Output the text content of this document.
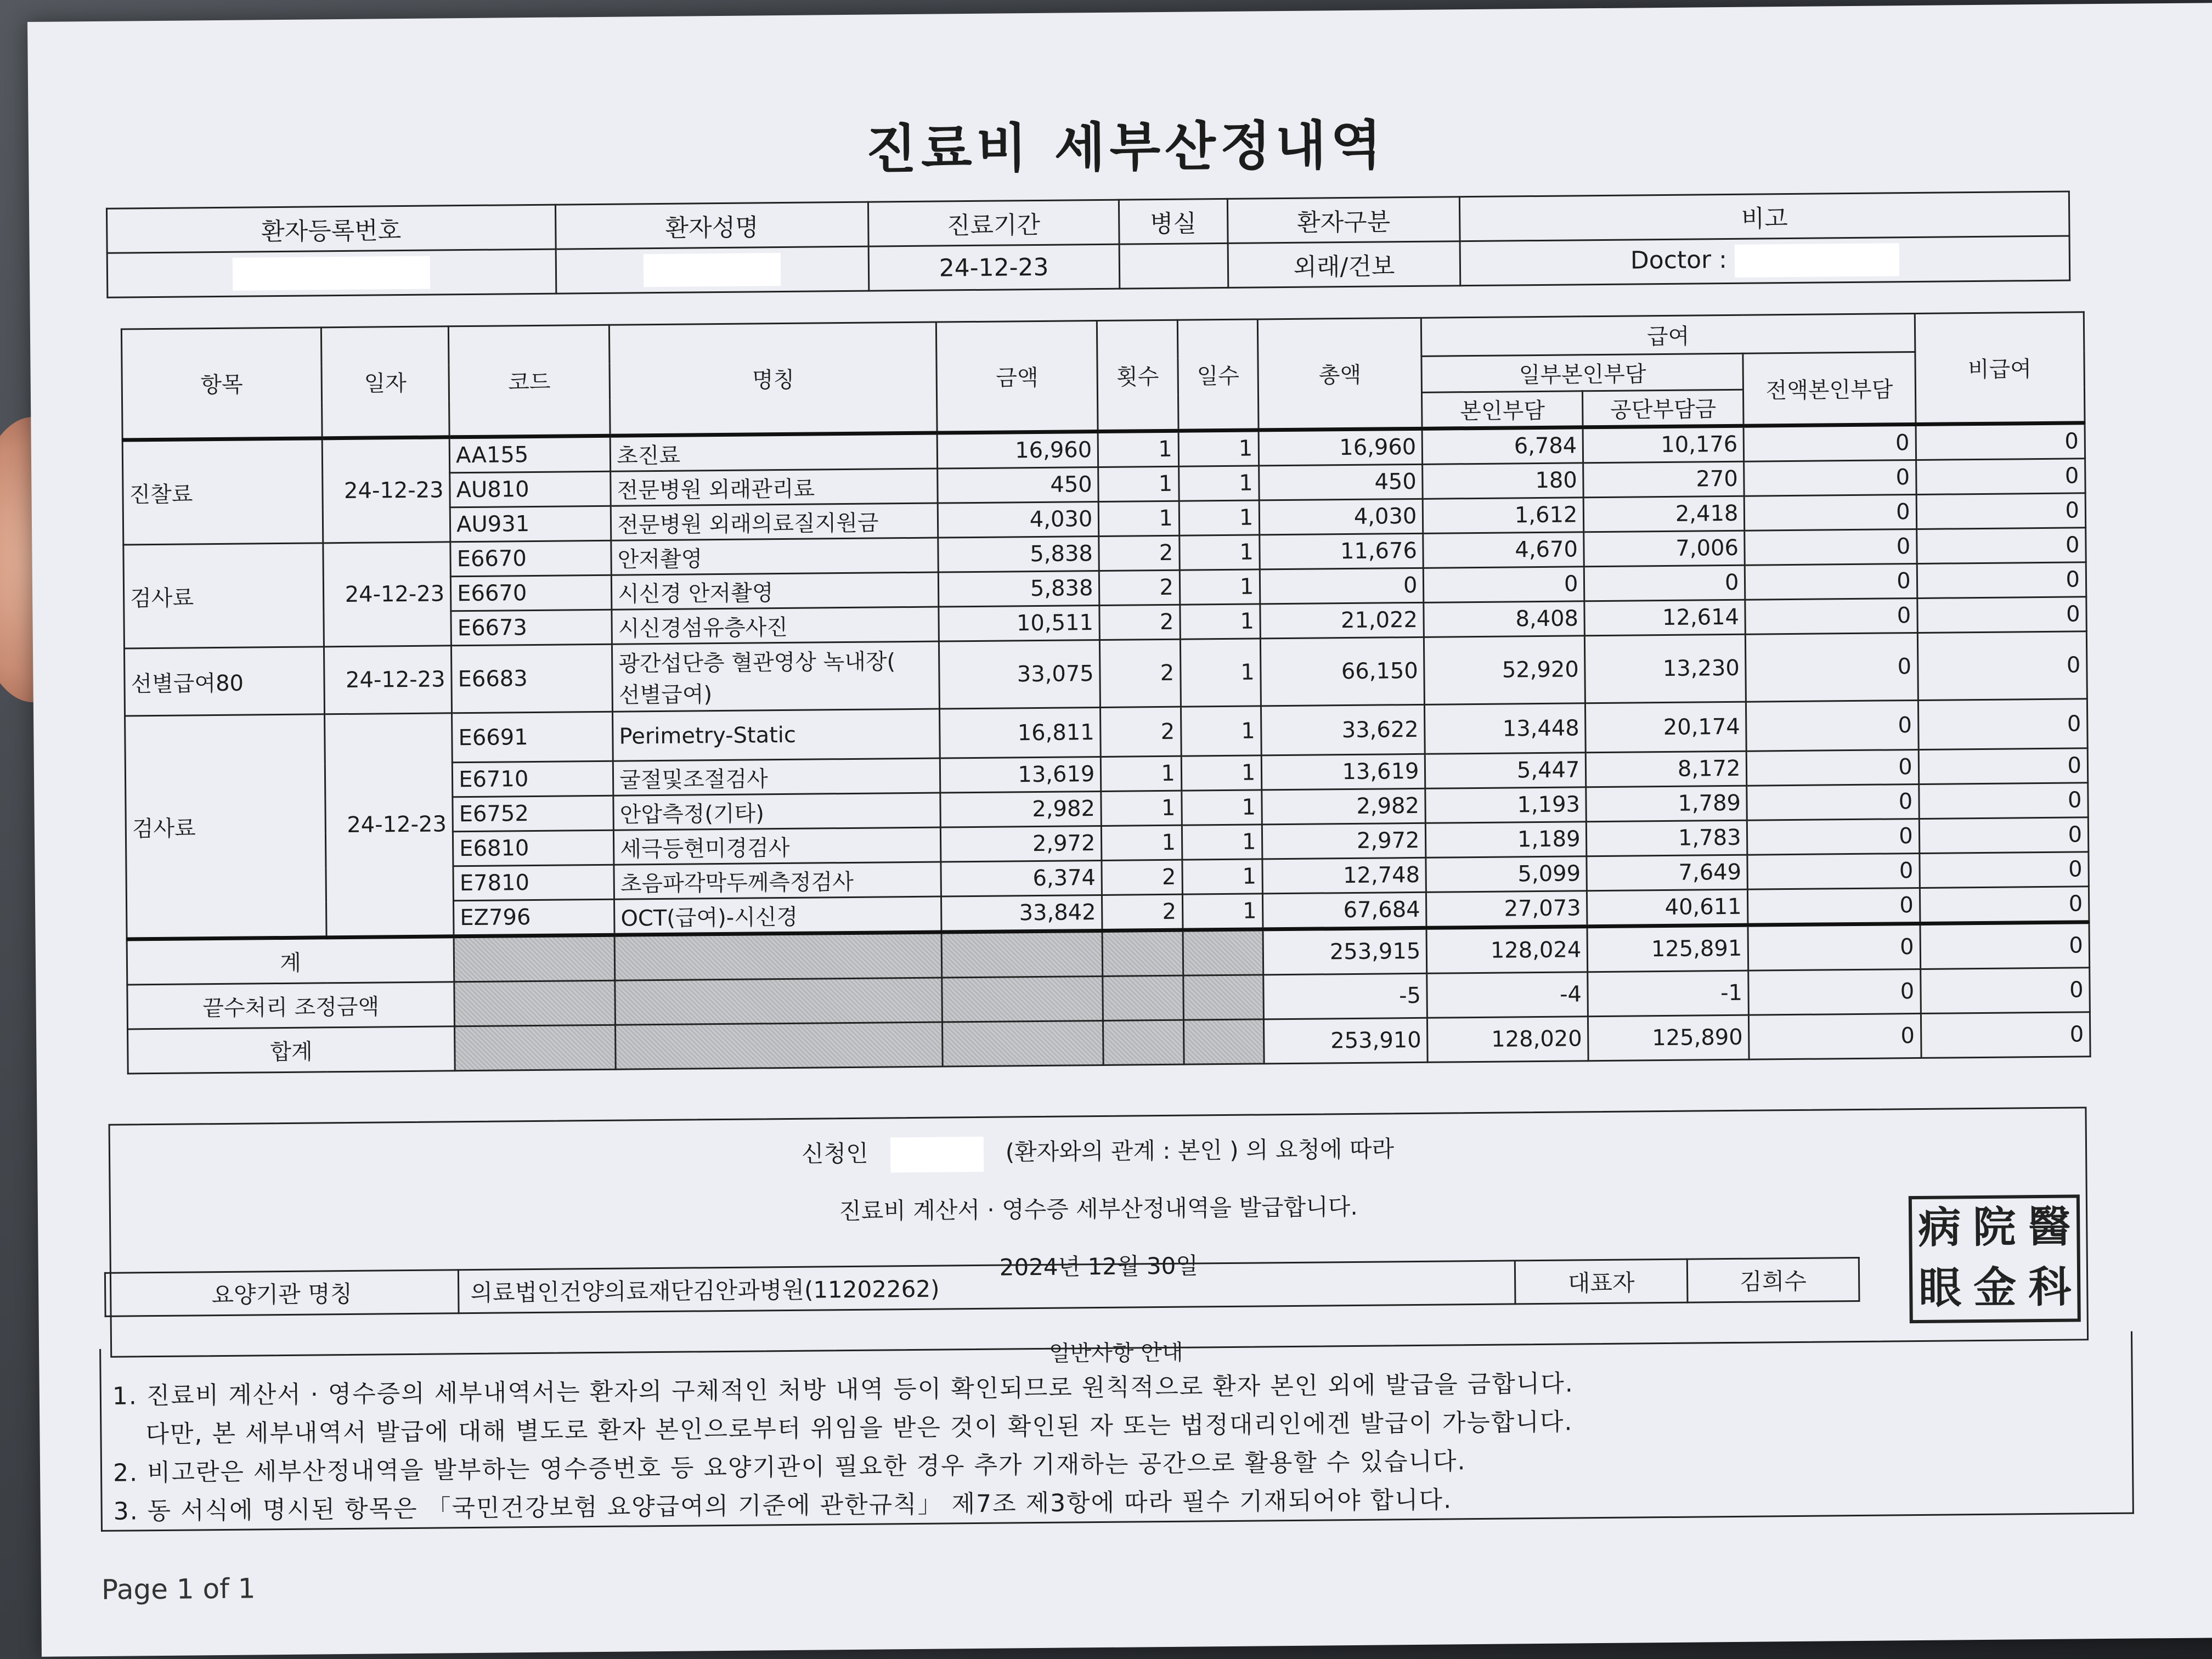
진료비 세부산정내역
환자등록번호	환자성명	진료기간	병실	환자구분	비고
		24-12-23		외래/건보	Doctor :
항목	일자	코드	명칭	금액	횟수	일수	총액	급여			비급여
								일부본인부담		전액본인부담	
								본인부담	공단부담금		
진찰료	24-12-23	AA155	초진료	16,960	1	1	16,960	6,784	10,176	0	0
		AU810	전문병원 외래관리료	450	1	1	450	180	270	0	0
		AU931	전문병원 외래의료질지원금	4,030	1	1	4,030	1,612	2,418	0	0
검사료	24-12-23	E6670	안저촬영	5,838	2	1	11,676	4,670	7,006	0	0
		E6670	시신경 안저촬영	5,838	2	1	0	0	0	0	0
		E6673	시신경섬유층사진	10,511	2	1	21,022	8,408	12,614	0	0
선별급여80	24-12-23	E6683	광간섭단층 혈관영상 녹내장(
선별급여)	33,075	2	1	66,150	52,920	13,230	0	0
검사료	24-12-23	E6691	Perimetry-Static	16,811	2	1	33,622	13,448	20,174	0	0
		E6710	굴절및조절검사	13,619	1	1	13,619	5,447	8,172	0	0
		E6752	안압측정(기타)	2,982	1	1	2,982	1,193	1,789	0	0
		E6810	세극등현미경검사	2,972	1	1	2,972	1,189	1,783	0	0
		E7810	초음파각막두께측정검사	6,374	2	1	12,748	5,099	7,649	0	0
		EZ796	OCT(급여)-시신경	33,842	2	1	67,684	27,073	40,611	0	0
계							253,915	128,024	125,891	0	0
끝수처리 조정금액							-5	-4	-1	0	0
합계							253,910	128,020	125,890	0	0
신청인	(환자와의 관계 : 본인 ) 의 요청에 따라
진료비 계산서 · 영수증 세부산정내역을 발급합니다.
2024년 12월 30일
요양기관 명칭	의료법인건양의료재단김안과병원(11202262)	대표자	김희수
病 院 醫
眼 金 科
일반사항 안내
1. 진료비 계산서 · 영수증의 세부내역서는 환자의 구체적인 처방 내역 등이 확인되므로 원칙적으로 환자 본인 외에 발급을 금합니다.
다만, 본 세부내역서 발급에 대해 별도로 환자 본인으로부터 위임을 받은 것이 확인된 자 또는 법정대리인에겐 발급이 가능합니다.
2. 비고란은 세부산정내역을 발부하는 영수증번호 등 요양기관이 필요한 경우 추가 기재하는 공간으로 활용할 수 있습니다.
3. 동 서식에 명시된 항목은 「국민건강보험 요양급여의 기준에 관한규칙」 제7조 제3항에 따라 필수 기재되어야 합니다.
Page 1 of 1
